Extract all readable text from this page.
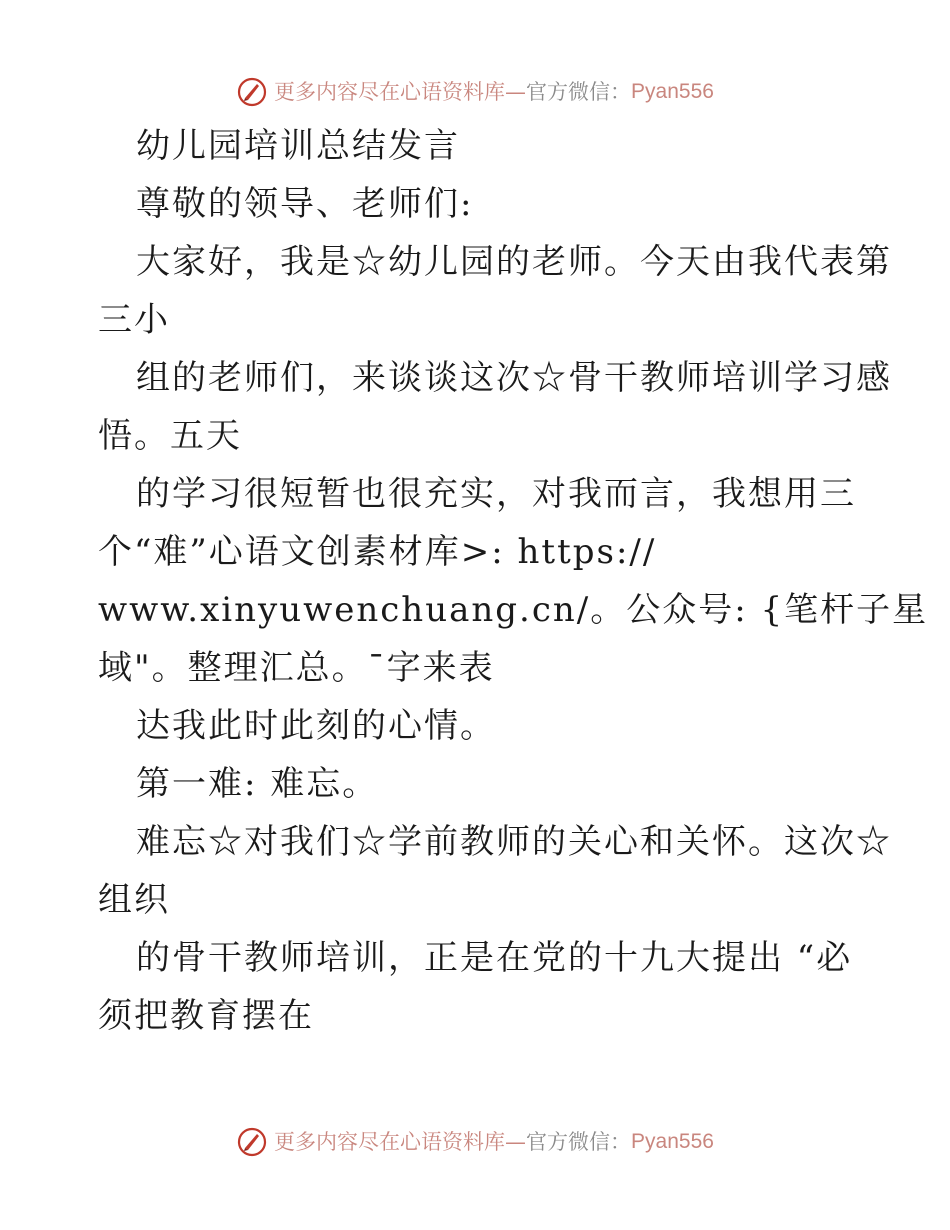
更多内容尽在心语资料库 — 官方微信： Pyan556
幼儿园培训总结发言
尊敬的领导、老师们:
大家好，我是☆幼儿园的老师。今天由我代表第
三小
组的老师们，来谈谈这次☆骨干教师培训学习感
悟。五天
的学习很短暂也很充实，对我而言，我想用三
个“难”心语文创素材库>: https://
www.xinyuwenchuang.cn/。公众号: {笔杆子星
域"。整理汇总。¯字来表
达我此时此刻的心情。
第一难: 难忘。
难忘☆对我们☆学前教师的关心和关怀。这次☆
组织
的骨干教师培训，正是在党的十九大提出 “必
须把教育摆在
更多内容尽在心语资料库 — 官方微信： Pyan556
